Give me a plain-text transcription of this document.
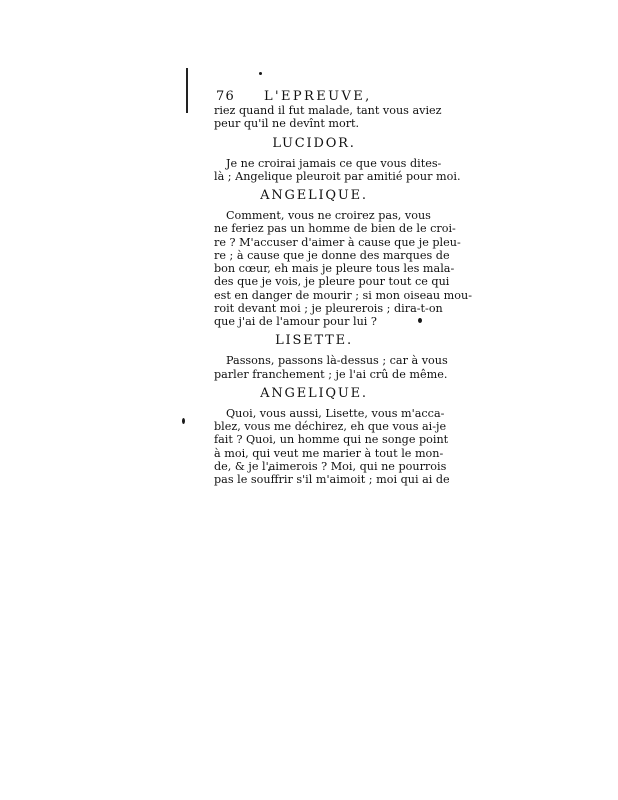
76 L'EPREUVE,
riez quand il fut malade, tant vous aviez
peur qu'il ne devînt mort.
LUCIDOR.
Je ne croirai jamais ce que vous dites-
là ; Angelique pleuroit par amitié pour moi.
ANGELIQUE.
Comment, vous ne croirez pas, vous
ne feriez pas un homme de bien de le croi-
re ? M'accuser d'aimer à cause que je pleu-
re ; à cause que je donne des marques de
bon cœur, eh mais je pleure tous les mala-
des que je vois, je pleure pour tout ce qui
est en danger de mourir ; si mon oiseau mou-
roit devant moi ; je pleurerois ; dira-t-on
que j'ai de l'amour pour lui ?
LISETTE.
Passons, passons là-dessus ; car à vous
parler franchement ; je l'ai crû de même.
ANGELIQUE.
Quoi, vous aussi, Lisette, vous m'acca-
blez, vous me déchirez, eh que vous ai-je
fait ? Quoi, un homme qui ne songe point
à moi, qui veut me marier à tout le mon-
de, & je l'aimerois ? Moi, qui ne pourrois
pas le souffrir s'il m'aimoit ; moi qui ai de
